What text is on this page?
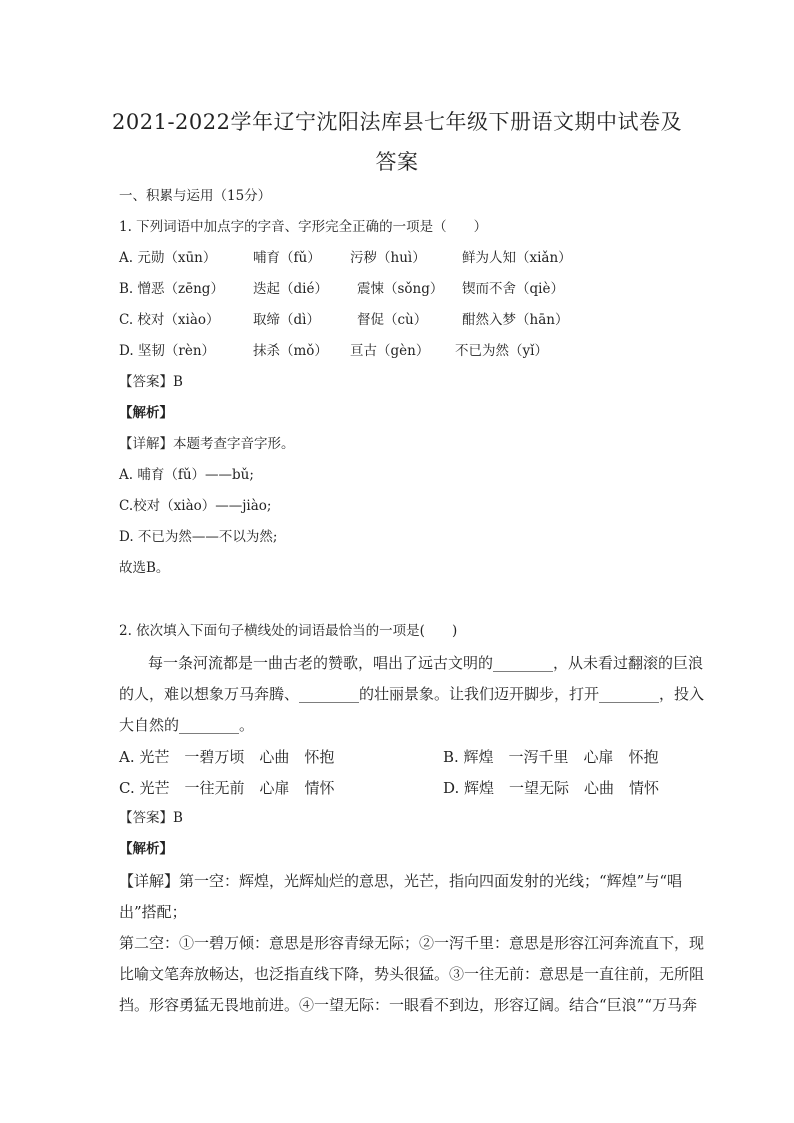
2021-2022学年辽宁沈阳法库县七年级下册语文期中试卷及
答案
一、积累与运用（15分）
1. 下列词语中加点字的字音、字形完全正确的一项是（　　）
A. 元勋（xūn）	哺育（fǔ） 污秽（huì）	鲜为人知（xiǎn）
B. 憎恶（zēng） 迭起（dié） 震悚（sǒng） 锲而不舍（qiè）
C. 校对（xiào） 取缔（dì）	督促（cù）	酣然入梦（hān）
D. 坚韧（rèn）	抹杀（mǒ） 亘古（gèn） 不已为然（yǐ）
【答案】B
【解析】
【详解】本题考查字音字形。
A. 哺育（fǔ）——bǔ;
C.校对（xiào）——jiào;
D. 不已为然——不以为然;
故选B。
2. 依次填入下面句子横线处的词语最恰当的一项是(　　)
每一条河流都是一曲古老的赞歌，唱出了远古文明的________，从未看过翻滚的巨浪
的人，难以想象万马奔腾、________的壮丽景象。让我们迈开脚步，打开________，投入
大自然的________。
A. 光芒　一碧万顷　心曲　怀抱	B. 辉煌　一泻千里　心扉　怀抱
C. 光芒　一往无前　心扉　情怀	D. 辉煌　一望无际　心曲　情怀
【答案】B
【解析】
【详解】第一空：辉煌，光辉灿烂的意思，光芒，指向四面发射的光线；“辉煌”与“唱
出”搭配；
第二空：①一碧万倾：意思是形容青绿无际；②一泻千里：意思是形容江河奔流直下，现
比喻文笔奔放畅达，也泛指直线下降，势头很猛。③一往无前：意思是一直往前，无所阻
挡。形容勇猛无畏地前进。④一望无际：一眼看不到边，形容辽阔。结合“巨浪”“万马奔
